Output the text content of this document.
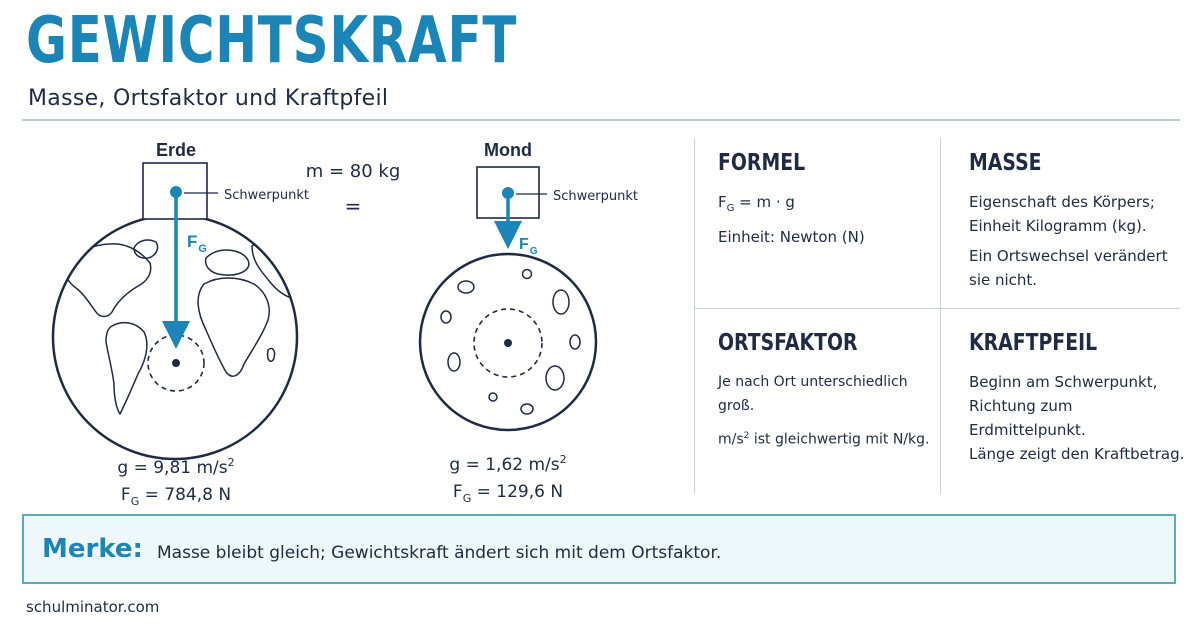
GEWICHTSKRAFT
Masse, Ortsfaktor und Kraftpfeil
Erde
Schwerpunkt
$F_G$
g = 9,81 $m/s^2$
$F_G = 784,8$ N
m = 80 kg
=
Mond
Schwerpunkt
$F_G$
g = 1,62 $m/s^2$
$F_G = 129,6$ N
FORMEL

$F_G = m \cdot g$

Einheit: Newton (N)

MASSE

Eigenschaft des Körpers;

Einheit Kilogramm (kg).

Ein Ortswechsel verändert

sie nicht.

ORTSFAKTOR

Je nach Ort unterschiedlich groß.

$m/s^2$ ist gleichwertig mit N/kg.

KRAFTPFEIL

Beginn am Schwerpunkt,

Richtung zum Erdmittelpunkt.

Länge zeigt den Kraftbetrag.

Merke: Masse bleibt gleich; Gewichtskraft ändert sich mit dem Ortsfaktor.
schulminator.com
